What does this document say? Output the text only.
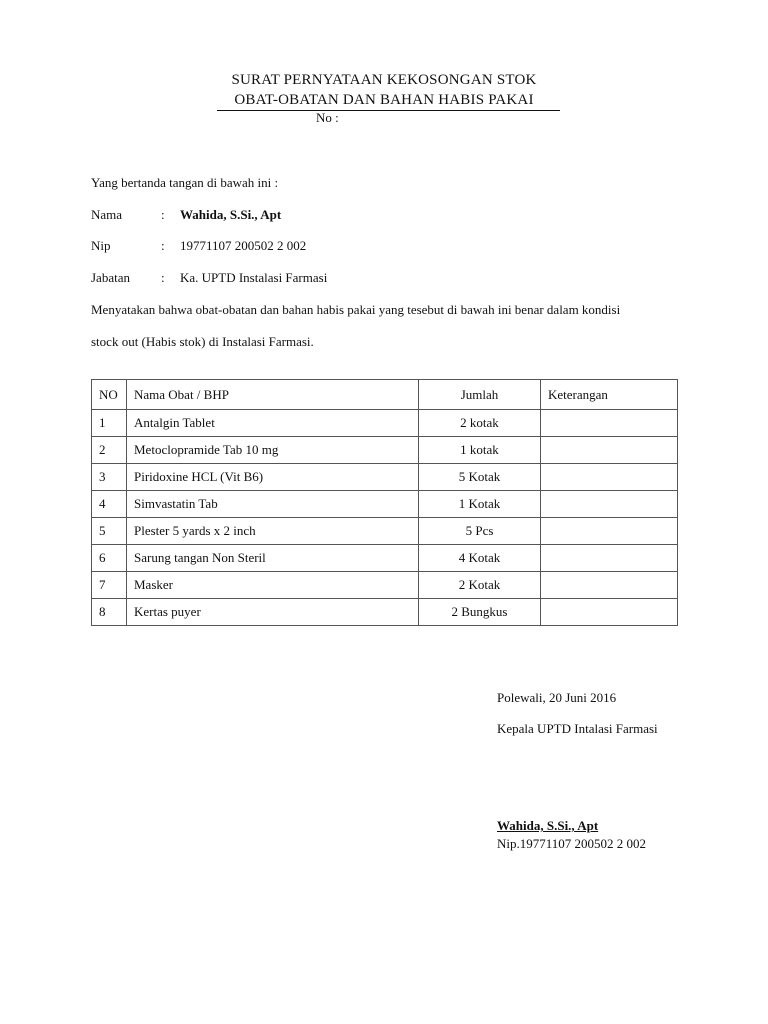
SURAT PERNYATAAN KEKOSONGAN STOK
OBAT-OBATAN DAN BAHAN HABIS PAKAI
No :
Yang bertanda tangan di bawah ini :
Nama	: Wahida, S.Si., Apt
Nip	: 19771107 200502 2 002
Jabatan : Ka. UPTD Instalasi Farmasi
Menyatakan bahwa obat-obatan dan bahan habis pakai yang tesebut di bawah ini benar dalam kondisi
stock out (Habis stok) di Instalasi Farmasi.
NO	Nama Obat / BHP	Jumlah	Keterangan
1	Antalgin Tablet	2 kotak	
2	Metoclopramide Tab 10 mg	1 kotak	
3	Piridoxine HCL (Vit B6)	5 Kotak	
4	Simvastatin Tab	1 Kotak	
5	Plester 5 yards x 2 inch	5 Pcs	
6	Sarung tangan Non Steril	4 Kotak	
7	Masker	2 Kotak	
8	Kertas puyer	2 Bungkus	
Polewali, 20 Juni 2016
Kepala UPTD Intalasi Farmasi
Wahida, S.Si., Apt
Nip.19771107 200502 2 002
